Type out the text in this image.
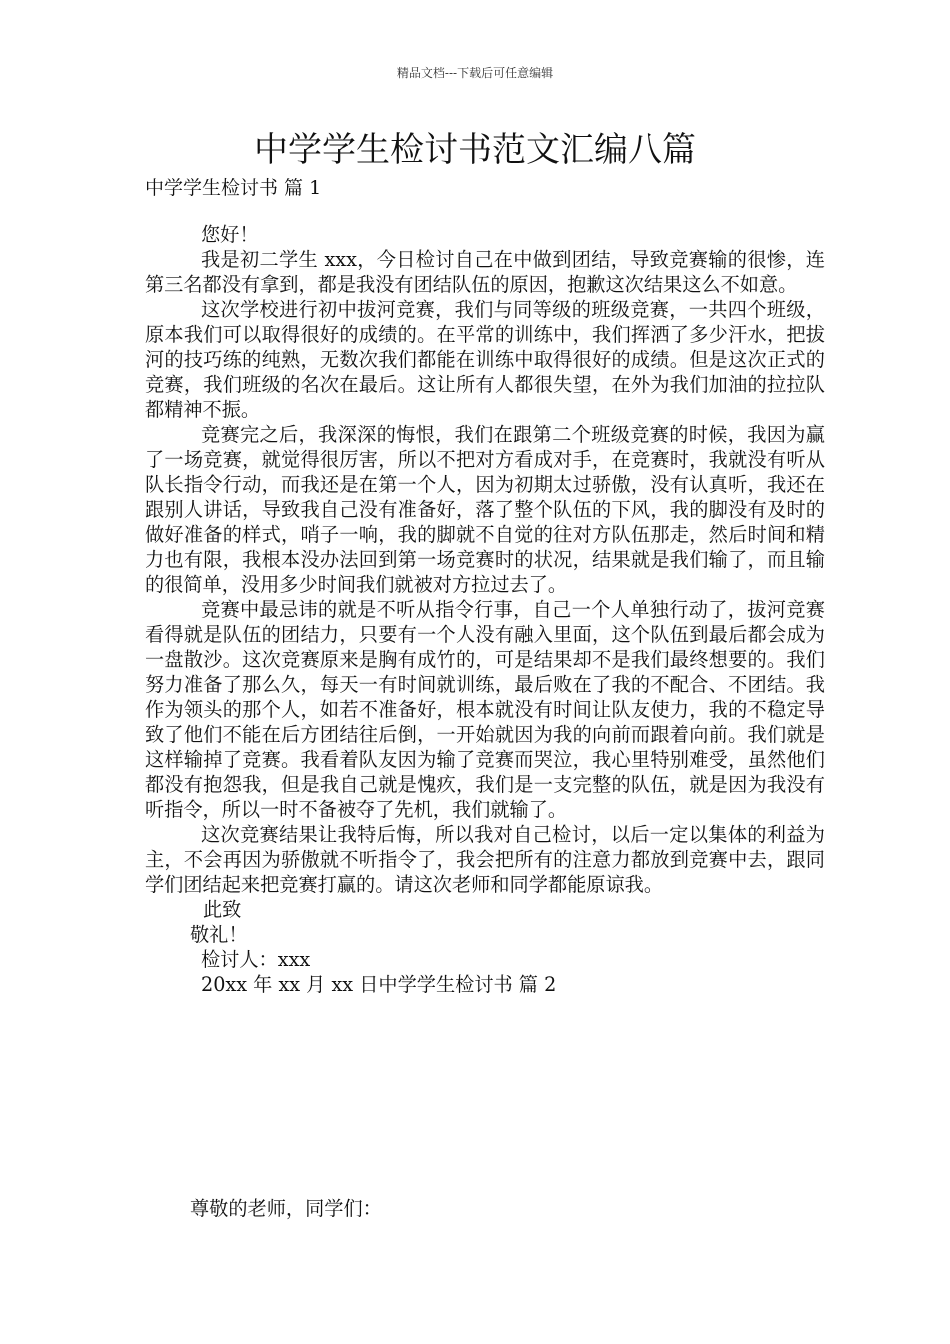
精品文档---下载后可任意编辑
中学学生检讨书范文汇编八篇
中学学生检讨书 篇 1

您好！

我是初二学生 xxx，今日检讨自己在中做到团结，导致竞赛输的很惨，连第三名都没有拿到，都是我没有团结队伍的原因，抱歉这次结果这么不如意。

这次学校进行初中拔河竞赛，我们与同等级的班级竞赛，一共四个班级，原本我们可以取得很好的成绩的。在平常的训练中，我们挥洒了多少汗水，把拔河的技巧练的纯熟，无数次我们都能在训练中取得很好的成绩。但是这次正式的竞赛，我们班级的名次在最后。这让所有人都很失望，在外为我们加油的拉拉队都精神不振。

竞赛完之后，我深深的悔恨，我们在跟第二个班级竞赛的时候，我因为赢了一场竞赛，就觉得很厉害，所以不把对方看成对手，在竞赛时，我就没有听从队长指令行动，而我还是在第一个人，因为初期太过骄傲，没有认真听，我还在跟别人讲话，导致我自己没有准备好，落了整个队伍的下风，我的脚没有及时的做好准备的样式，哨子一响，我的脚就不自觉的往对方队伍那走，然后时间和精力也有限，我根本没办法回到第一场竞赛时的状况，结果就是我们输了，而且输的很简单，没用多少时间我们就被对方拉过去了。

竞赛中最忌讳的就是不听从指令行事，自己一个人单独行动了，拔河竞赛看得就是队伍的团结力，只要有一个人没有融入里面，这个队伍到最后都会成为一盘散沙。这次竞赛原来是胸有成竹的，可是结果却不是我们最终想要的。我们努力准备了那么久，每天一有时间就训练，最后败在了我的不配合、不团结。我作为领头的那个人，如若不准备好，根本就没有时间让队友使力，我的不稳定导致了他们不能在后方团结往后倒，一开始就因为我的向前而跟着向前。我们就是这样输掉了竞赛。我看着队友因为输了竞赛而哭泣，我心里特别难受，虽然他们都没有抱怨我，但是我自己就是愧疚，我们是一支完整的队伍，就是因为我没有听指令，所以一时不备被夺了先机，我们就输了。

这次竞赛结果让我特后悔，所以我对自己检讨，以后一定以集体的利益为主，不会再因为骄傲就不听指令了，我会把所有的注意力都放到竞赛中去，跟同学们团结起来把竞赛打赢的。请这次老师和同学都能原谅我。

此致

敬礼！

检讨人：xxx

20xx 年 xx 月 xx 日中学学生检讨书 篇 2

尊敬的老师，同学们：
